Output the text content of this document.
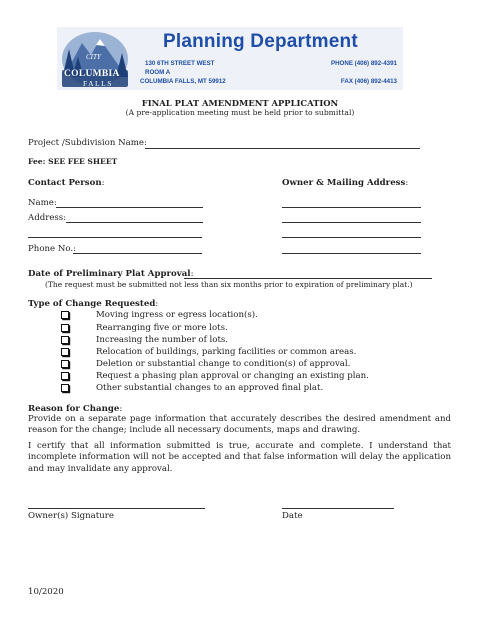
CITY
COLUMBIA
FALLS
Planning Department
130 6TH STREET WEST
ROOM A
COLUMBIA FALLS, MT 59912
PHONE (406) 892-4391
FAX (406) 892-4413
FINAL PLAT AMENDMENT APPLICATION
(A pre-application meeting must be held prior to submittal)
Project /Subdivision Name:
Fee: SEE FEE SHEET
Contact Person:	Owner & Mailing Address:
Name:
Address:
Phone No.:
Date of Preliminary Plat Approval:
(The request must be submitted not less than six months prior to expiration of preliminary plat.)
Type of Change Requested:
Moving ingress or egress location(s).
Rearranging five or more lots.
Increasing the number of lots.
Relocation of buildings, parking facilities or common areas.
Deletion or substantial change to condition(s) of approval.
Request a phasing plan approval or changing an existing plan.
Other substantial changes to an approved final plat.
Reason for Change:
Provide on a separate page information that accurately describes the desired amendment and reason for the change; include all necessary documents, maps and drawing.
I certify that all information submitted is true, accurate and complete. I understand that incomplete information will not be accepted and that false information will delay the application and may invalidate any approval.
Owner(s) Signature	Date
10/2020
